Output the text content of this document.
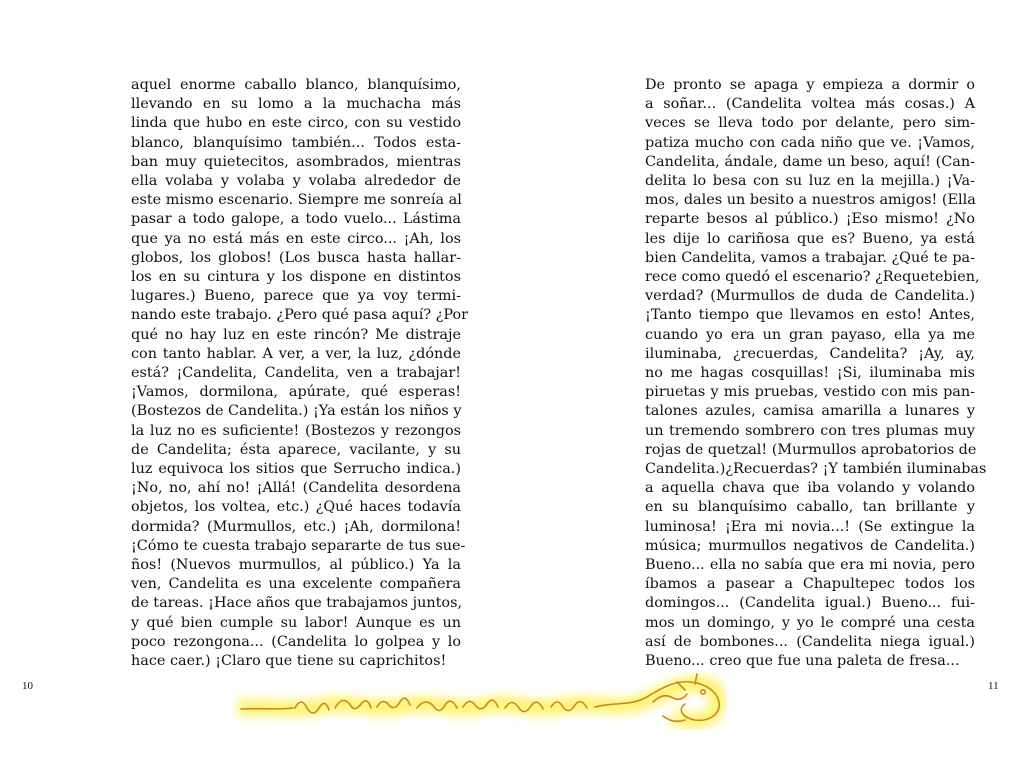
aquel enorme caballo blanco, blanquísimo,
llevando en su lomo a la muchacha más
linda que hubo en este circo, con su vestido
blanco, blanquísimo también... Todos esta-
ban muy quietecitos, asombrados, mientras
ella volaba y volaba y volaba alrededor de
este mismo escenario. Siempre me sonreía al
pasar a todo galope, a todo vuelo... Lástima
que ya no está más en este circo... ¡Ah, los
globos, los globos! (Los busca hasta hallar-
los en su cintura y los dispone en distintos
lugares.) Bueno, parece que ya voy termi-
nando este trabajo. ¿Pero qué pasa aquí? ¿Por
qué no hay luz en este rincón? Me distraje
con tanto hablar. A ver, a ver, la luz, ¿dónde
está? ¡Candelita, Candelita, ven a trabajar!
¡Vamos, dormilona, apúrate, qué esperas!
(Bostezos de Candelita.) ¡Ya están los niños y
la luz no es suficiente! (Bostezos y rezongos
de Candelita; ésta aparece, vacilante, y su
luz equivoca los sitios que Serrucho indica.)
¡No, no, ahí no! ¡Allá! (Candelita desordena
objetos, los voltea, etc.) ¿Qué haces todavía
dormida? (Murmullos, etc.) ¡Ah, dormilona!
¡Cómo te cuesta trabajo separarte de tus sue-
ños! (Nuevos murmullos, al público.) Ya la
ven, Candelita es una excelente compañera
de tareas. ¡Hace años que trabajamos juntos,
y qué bien cumple su labor! Aunque es un
poco rezongona... (Candelita lo golpea y lo
hace caer.) ¡Claro que tiene su caprichitos!
De pronto se apaga y empieza a dormir o
a soñar... (Candelita voltea más cosas.) A
veces se lleva todo por delante, pero sim-
patiza mucho con cada niño que ve. ¡Vamos,
Candelita, ándale, dame un beso, aquí! (Can-
delita lo besa con su luz en la mejilla.) ¡Va-
mos, dales un besito a nuestros amigos! (Ella
reparte besos al público.) ¡Eso mismo! ¿No
les dije lo cariñosa que es? Bueno, ya está
bien Candelita, vamos a trabajar. ¿Qué te pa-
rece como quedó el escenario? ¿Requetebien,
verdad? (Murmullos de duda de Candelita.)
¡Tanto tiempo que llevamos en esto! Antes,
cuando yo era un gran payaso, ella ya me
iluminaba, ¿recuerdas, Candelita? ¡Ay, ay,
no me hagas cosquillas! ¡Si, iluminaba mis
piruetas y mis pruebas, vestido con mis pan-
talones azules, camisa amarilla a lunares y
un tremendo sombrero con tres plumas muy
rojas de quetzal! (Murmullos aprobatorios de
Candelita.)¿Recuerdas? ¡Y también iluminabas
a aquella chava que iba volando y volando
en su blanquísimo caballo, tan brillante y
luminosa! ¡Era mi novia...! (Se extingue la
música; murmullos negativos de Candelita.)
Bueno... ella no sabía que era mi novia, pero
íbamos a pasear a Chapultepec todos los
domingos... (Candelita igual.) Bueno... fui-
mos un domingo, y yo le compré una cesta
así de bombones... (Candelita niega igual.)
Bueno... creo que fue una paleta de fresa...
10	11
